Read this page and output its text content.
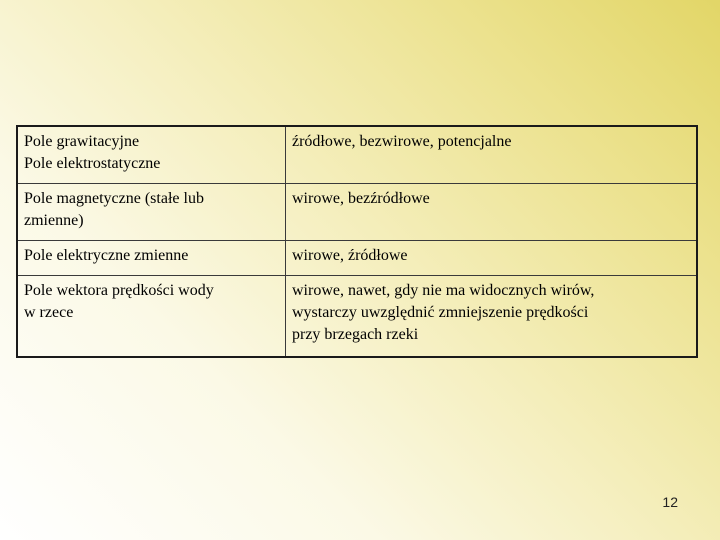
Pole grawitacyjne
Pole elektrostatyczne	źródłowe, bezwirowe, potencjalne

Pole magnetyczne (stałe lub
zmienne)	wirowe, bezźródłowe

Pole elektryczne zmienne	wirowe, źródłowe

Pole wektora prędkości wody
w rzece	wirowe, nawet, gdy nie ma widocznych wirów,
wystarczy uwzględnić zmniejszenie prędkości
przy brzegach rzeki
12
